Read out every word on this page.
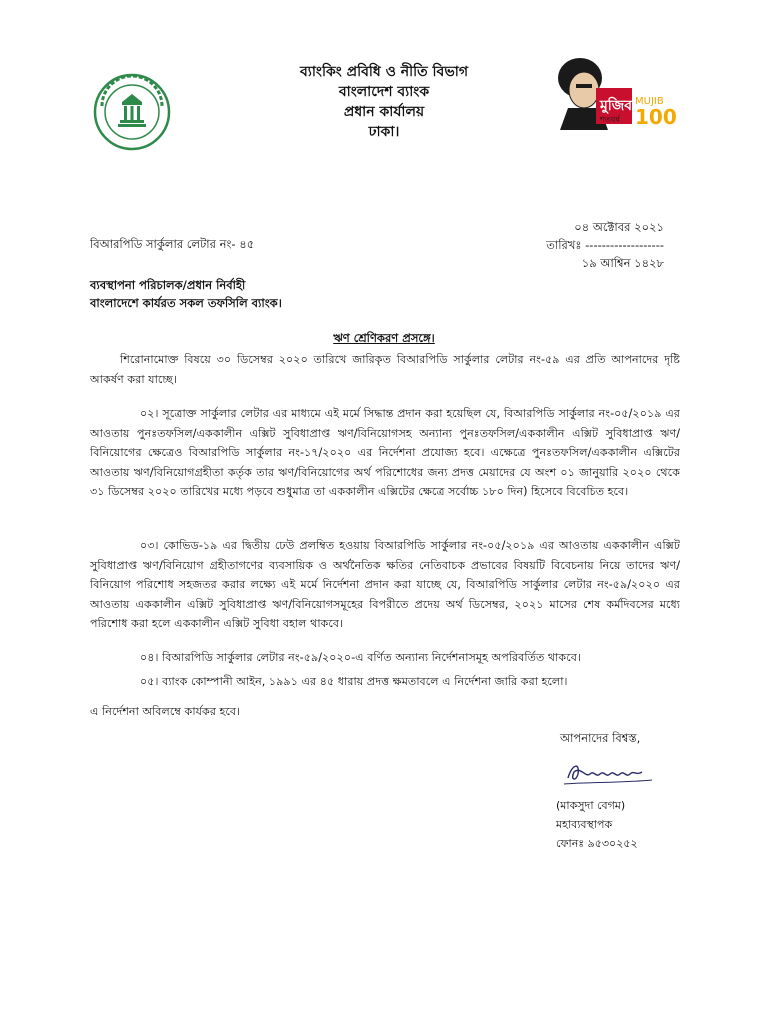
মুজিব MUJIB
100
শতবর্ষ
ব্যাংকিং প্রবিধি ও নীতি বিভাগ
বাংলাদেশ ব্যাংক
প্রধান কার্যালয়
ঢাকা।
০৪ অক্টোবর ২০২১
তারিখঃ -------------------
১৯ আশ্বিন ১৪২৮
বিআরপিডি সার্কুলার লেটার নং- ৪৫
ব্যবস্থাপনা পরিচালক/প্রধান নির্বাহী
বাংলাদেশে কার্যরত সকল তফসিলি ব্যাংক।
ঋণ শ্রেণিকরণ প্রসঙ্গে।
শিরোনামোক্ত বিষয়ে ৩০ ডিসেম্বর ২০২০ তারিখে জারিকৃত বিআরপিডি সার্কুলার লেটার নং-৫৯ এর প্রতি আপনাদের দৃষ্টি আকর্ষণ করা যাচ্ছে।
০২। সূত্রোক্ত সার্কুলার লেটার এর মাধ্যমে এই মর্মে সিদ্ধান্ত প্রদান করা হয়েছিল যে, বিআরপিডি সার্কুলার নং-০৫/২০১৯ এর আওতায় পুনঃতফসিল/এককালীন এক্সিট সুবিধাপ্রাপ্ত ঋণ/বিনিয়োগসহ অন্যান্য পুনঃতফসিল/এককালীন এক্সিট সুবিধাপ্রাপ্ত ঋণ/বিনিয়োগের ক্ষেত্রেও বিআরপিডি সার্কুলার নং-১৭/২০২০ এর নির্দেশনা প্রযোজ্য হবে। এক্ষেত্রে পুনঃতফসিল/এককালীন এক্সিটের আওতায় ঋণ/বিনিয়োগগ্রহীতা কর্তৃক তার ঋণ/বিনিয়োগের অর্থ পরিশোধের জন্য প্রদত্ত মেয়াদের যে অংশ ০১ জানুয়ারি ২০২০ থেকে ৩১ ডিসেম্বর ২০২০ তারিখের মধ্যে পড়বে শুধুমাত্র তা এককালীন এক্সিটের ক্ষেত্রে সর্বোচ্চ ১৮০ দিন) হিসেবে বিবেচিত হবে।
০৩। কোভিড-১৯ এর দ্বিতীয় ঢেউ প্রলম্বিত হওয়ায় বিআরপিডি সার্কুলার নং-০৫/২০১৯ এর আওতায় এককালীন এক্সিট সুবিধাপ্রাপ্ত ঋণ/বিনিয়োগ গ্রহীতাগণের ব্যবসায়িক ও অর্থনৈতিক ক্ষতির নেতিবাচক প্রভাবের বিষয়টি বিবেচনায় নিয়ে তাদের ঋণ/বিনিয়োগ পরিশোধ সহজতর করার লক্ষ্যে এই মর্মে নির্দেশনা প্রদান করা যাচ্ছে যে, বিআরপিডি সার্কুলার লেটার নং-৫৯/২০২০ এর আওতায় এককালীন এক্সিট সুবিধাপ্রাপ্ত ঋণ/বিনিয়োগসমূহের বিপরীতে প্রদেয় অর্থ ডিসেম্বর, ২০২১ মাসের শেষ কর্মদিবসের মধ্যে পরিশোধ করা হলে এককালীন এক্সিট সুবিধা বহাল থাকবে।
০৪। বিআরপিডি সার্কুলার লেটার নং-৫৯/২০২০-এ বর্ণিত অন্যান্য নির্দেশনাসমূহ অপরিবর্তিত থাকবে।
০৫। ব্যাংক কোম্পানী আইন, ১৯৯১ এর ৪৫ ধারায় প্রদত্ত ক্ষমতাবলে এ নির্দেশনা জারি করা হলো।
এ নির্দেশনা অবিলম্বে কার্যকর হবে।
আপনাদের বিশ্বস্ত,
(মাকসুদা বেগম)
মহাব্যবস্থাপক
ফোনঃ ৯৫৩০২৫২
